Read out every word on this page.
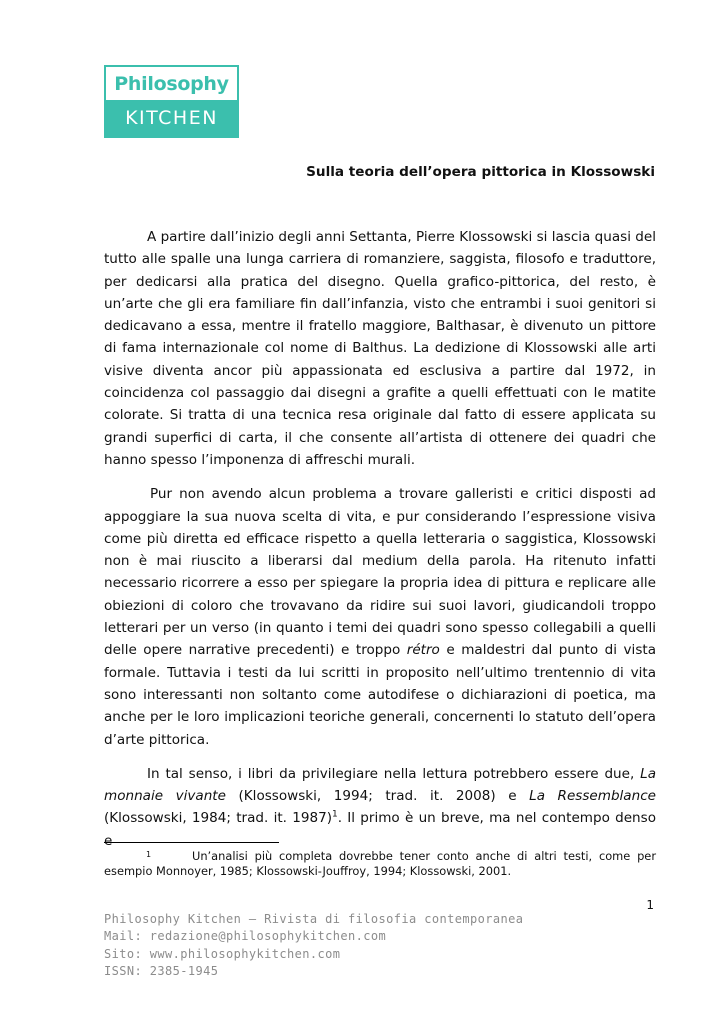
Philosophy
KITCHEN
Sulla teoria dell’opera pittorica in Klossowski

A partire dall’inizio degli anni Settanta, Pierre Klossowski si lascia quasi del tutto alle spalle una lunga carriera di romanziere, saggista, filosofo e traduttore, per dedicarsi alla pratica del disegno. Quella grafico-pittorica, del resto, è un’arte che gli era familiare fin dall’infanzia, visto che entrambi i suoi genitori si dedicavano a essa, mentre il fratello maggiore, Balthasar, è divenuto un pittore di fama internazionale col nome di Balthus. La dedizione di Klossowski alle arti visive diventa ancor più appassionata ed esclusiva a partire dal 1972, in coincidenza col passaggio dai disegni a grafite a quelli effettuati con le matite colorate. Si tratta di una tecnica resa originale dal fatto di essere applicata su grandi superfici di carta, il che consente all’artista di ottenere dei quadri che hanno spesso l’imponenza di affreschi murali.

Pur non avendo alcun problema a trovare galleristi e critici disposti ad appoggiare la sua nuova scelta di vita, e pur considerando l’espressione visiva come più diretta ed efficace rispetto a quella letteraria o saggistica, Klossowski non è mai riuscito a liberarsi dal medium della parola. Ha ritenuto infatti necessario ricorrere a esso per spiegare la propria idea di pittura e replicare alle obiezioni di coloro che trovavano da ridire sui suoi lavori, giudicandoli troppo letterari per un verso (in quanto i temi dei quadri sono spesso collegabili a quelli delle opere narrative precedenti) e troppo rétro e maldestri dal punto di vista formale. Tuttavia i testi da lui scritti in proposito nell’ultimo trentennio di vita sono interessanti non soltanto come autodifese o dichiarazioni di poetica, ma anche per le loro implicazioni teoriche generali, concernenti lo statuto dell’opera d’arte pittorica.

In tal senso, i libri da privilegiare nella lettura potrebbero essere due, La monnaie vivante (Klossowski, 1994; trad. it. 2008) e La Ressemblance (Klossowski, 1984; trad. it. 1987)$^1$. Il primo è un breve, ma nel contempo denso e

1	Un’analisi più completa dovrebbe tener conto anche di altri testi, come per esempio Monnoyer, 1985; Klossowski-Jouffroy, 1994; Klossowski, 2001.
1
Philosophy Kitchen – Rivista di filosofia contemporanea
Mail: redazione@philosophykitchen.com
Sito: www.philosophykitchen.com
ISSN: 2385-1945
